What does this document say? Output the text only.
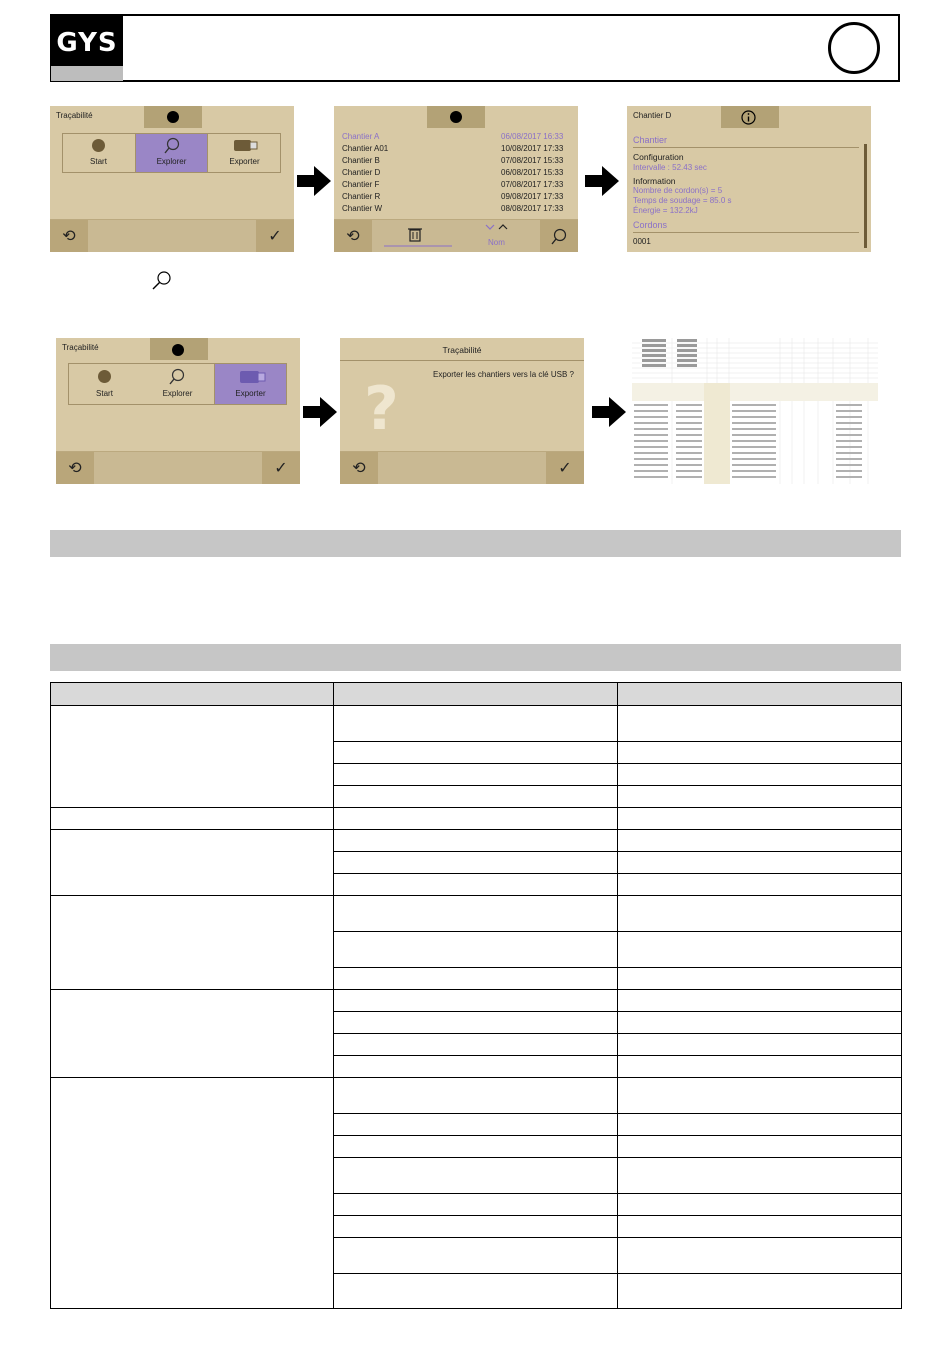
GYS
Traçabilité
Start	Explorer	Exporter
⟲	✓
Chantier A	06/08/2017 16:33
Chantier A01	10/08/2017 17:33
Chantier B	07/08/2017 15:33
Chantier D	06/08/2017 15:33
Chantier F	07/08/2017 17:33
Chantier R	09/08/2017 17:33
Chantier W	08/08/2017 17:33
⟲	Nom
Chantier D
Chantier
Configuration
Intervalle : 52.43 sec
Information
Nombre de cordon(s) = 5
Temps de soudage = 85.0 s
Énergie = 132.2kJ
Cordons
0001
Traçabilité
Start	Explorer	Exporter
⟲	✓
Traçabilité
?	Exporter les chantiers vers la clé USB ?
⟲	✓
